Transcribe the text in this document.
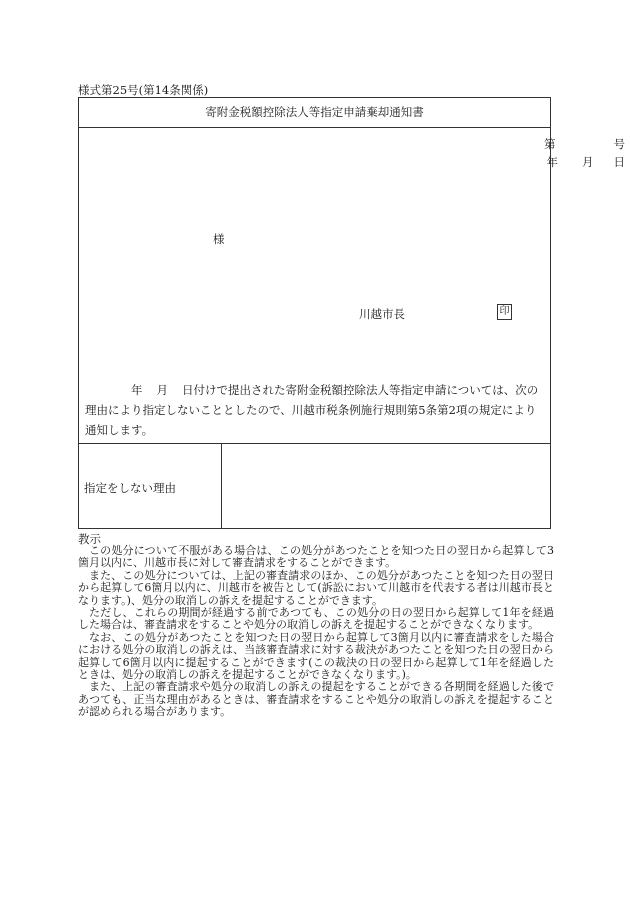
様式第25号(第14条関係)
寄附金税額控除法人等指定申請棄却通知書
第	号
年 月 日
様
川越市長	印
年 月 日付けで提出された寄附金税額控除法人等指定申請については、次の理由により指定しないこととしたので、川越市税条例施行規則第5条第2項の規定により通知します。
指定をしない理由
教示

この処分について不服がある場合は、この処分があつたことを知つた日の翌日から起算して3箇月以内に、川越市長に対して審査請求をすることができます。

また、この処分については、上記の審査請求のほか、この処分があつたことを知つた日の翌日から起算して6箇月以内に、川越市を被告として(訴訟において川越市を代表する者は川越市長となります。)、処分の取消しの訴えを提起することができます。

ただし、これらの期間が経過する前であつても、この処分の日の翌日から起算して1年を経過した場合は、審査請求をすることや処分の取消しの訴えを提起することができなくなります。

なお、この処分があつたことを知つた日の翌日から起算して3箇月以内に審査請求をした場合における処分の取消しの訴えは、当該審査請求に対する裁決があつたことを知つた日の翌日から起算して6箇月以内に提起することができます(この裁決の日の翌日から起算して1年を経過したときは、処分の取消しの訴えを提起することができなくなります。)。

また、上記の審査請求や処分の取消しの訴えの提起をすることができる各期間を経過した後であつても、正当な理由があるときは、審査請求をすることや処分の取消しの訴えを提起することが認められる場合があります。
